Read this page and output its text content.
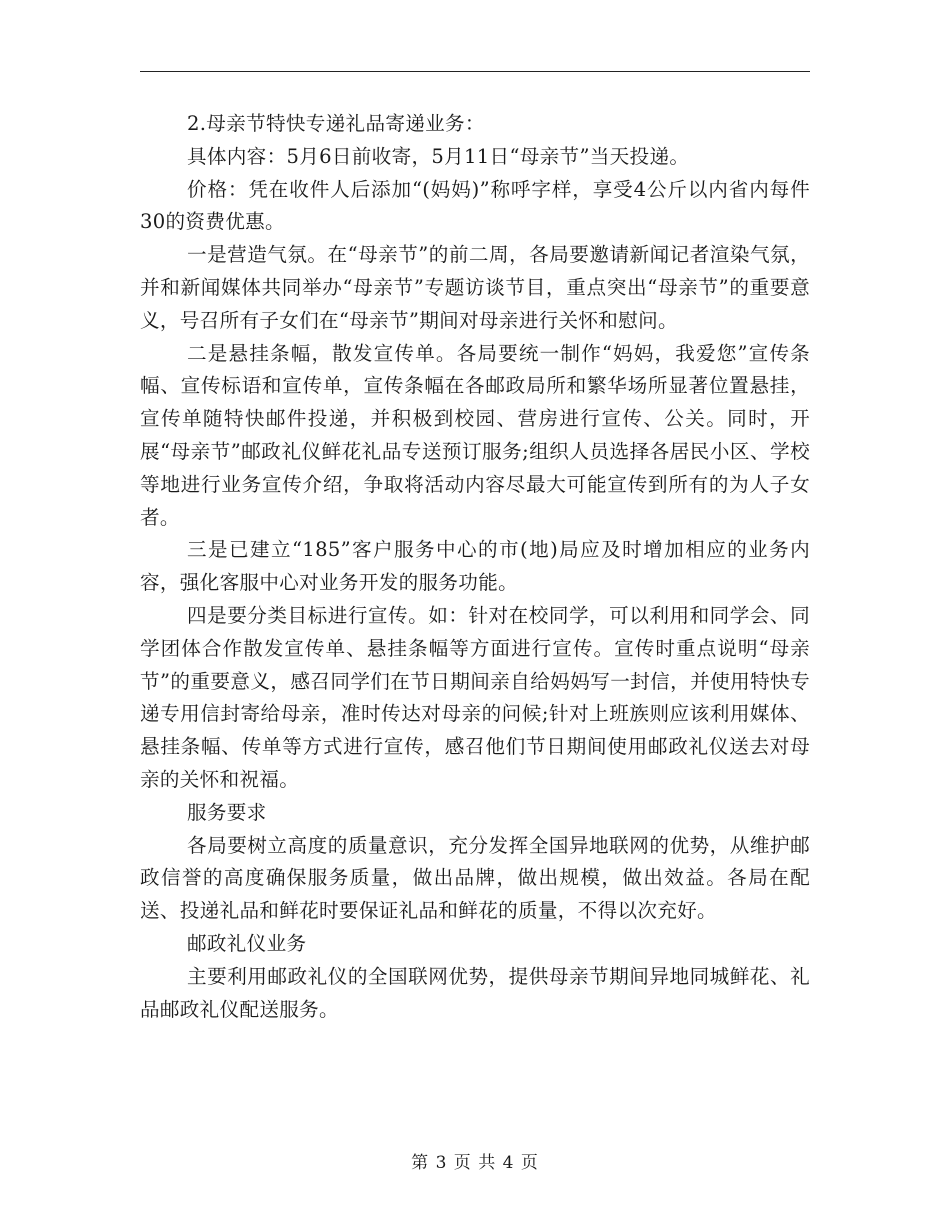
2.母亲节特快专递礼品寄递业务：

具体内容：5月6日前收寄，5月11日“母亲节”当天投递。

价格：凭在收件人后添加“(妈妈)”称呼字样，享受4公斤以内省内每件30的资费优惠。

一是营造气氛。在“母亲节”的前二周，各局要邀请新闻记者渲染气氛，并和新闻媒体共同举办“母亲节”专题访谈节目，重点突出“母亲节”的重要意义，号召所有子女们在“母亲节”期间对母亲进行关怀和慰问。

二是悬挂条幅，散发宣传单。各局要统一制作“妈妈，我爱您”宣传条幅、宣传标语和宣传单，宣传条幅在各邮政局所和繁华场所显著位置悬挂，宣传单随特快邮件投递，并积极到校园、营房进行宣传、公关。同时，开展“母亲节”邮政礼仪鲜花礼品专送预订服务;组织人员选择各居民小区、学校等地进行业务宣传介绍，争取将活动内容尽最大可能宣传到所有的为人子女者。

三是已建立“185”客户服务中心的市(地)局应及时增加相应的业务内容，强化客服中心对业务开发的服务功能。

四是要分类目标进行宣传。如：针对在校同学，可以利用和同学会、同学团体合作散发宣传单、悬挂条幅等方面进行宣传。宣传时重点说明“母亲节”的重要意义，感召同学们在节日期间亲自给妈妈写一封信，并使用特快专递专用信封寄给母亲，准时传达对母亲的问候;针对上班族则应该利用媒体、悬挂条幅、传单等方式进行宣传，感召他们节日期间使用邮政礼仪送去对母亲的关怀和祝福。

服务要求

各局要树立高度的质量意识，充分发挥全国异地联网的优势，从维护邮政信誉的高度确保服务质量，做出品牌，做出规模，做出效益。各局在配送、投递礼品和鲜花时要保证礼品和鲜花的质量，不得以次充好。

邮政礼仪业务

主要利用邮政礼仪的全国联网优势，提供母亲节期间异地同城鲜花、礼品邮政礼仪配送服务。

第 3 页 共 4 页
